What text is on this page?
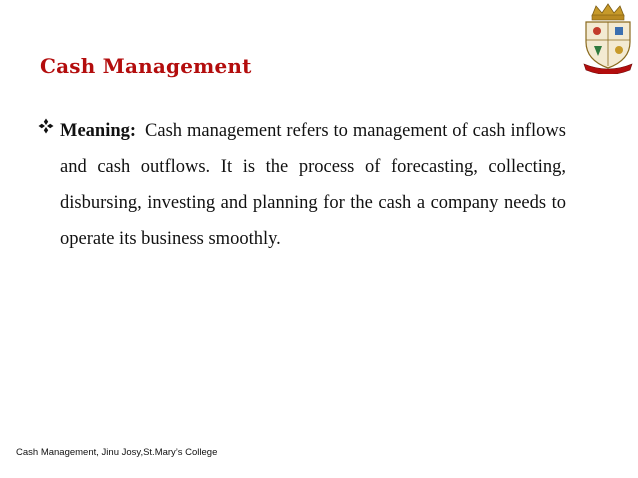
Cash Management
Meaning: Cash management refers to management of cash inflows and cash outflows. It is the process of forecasting, collecting, disbursing, investing and planning for the cash a company needs to operate its business smoothly.
Cash Management, Jinu Josy,St.Mary’s College
